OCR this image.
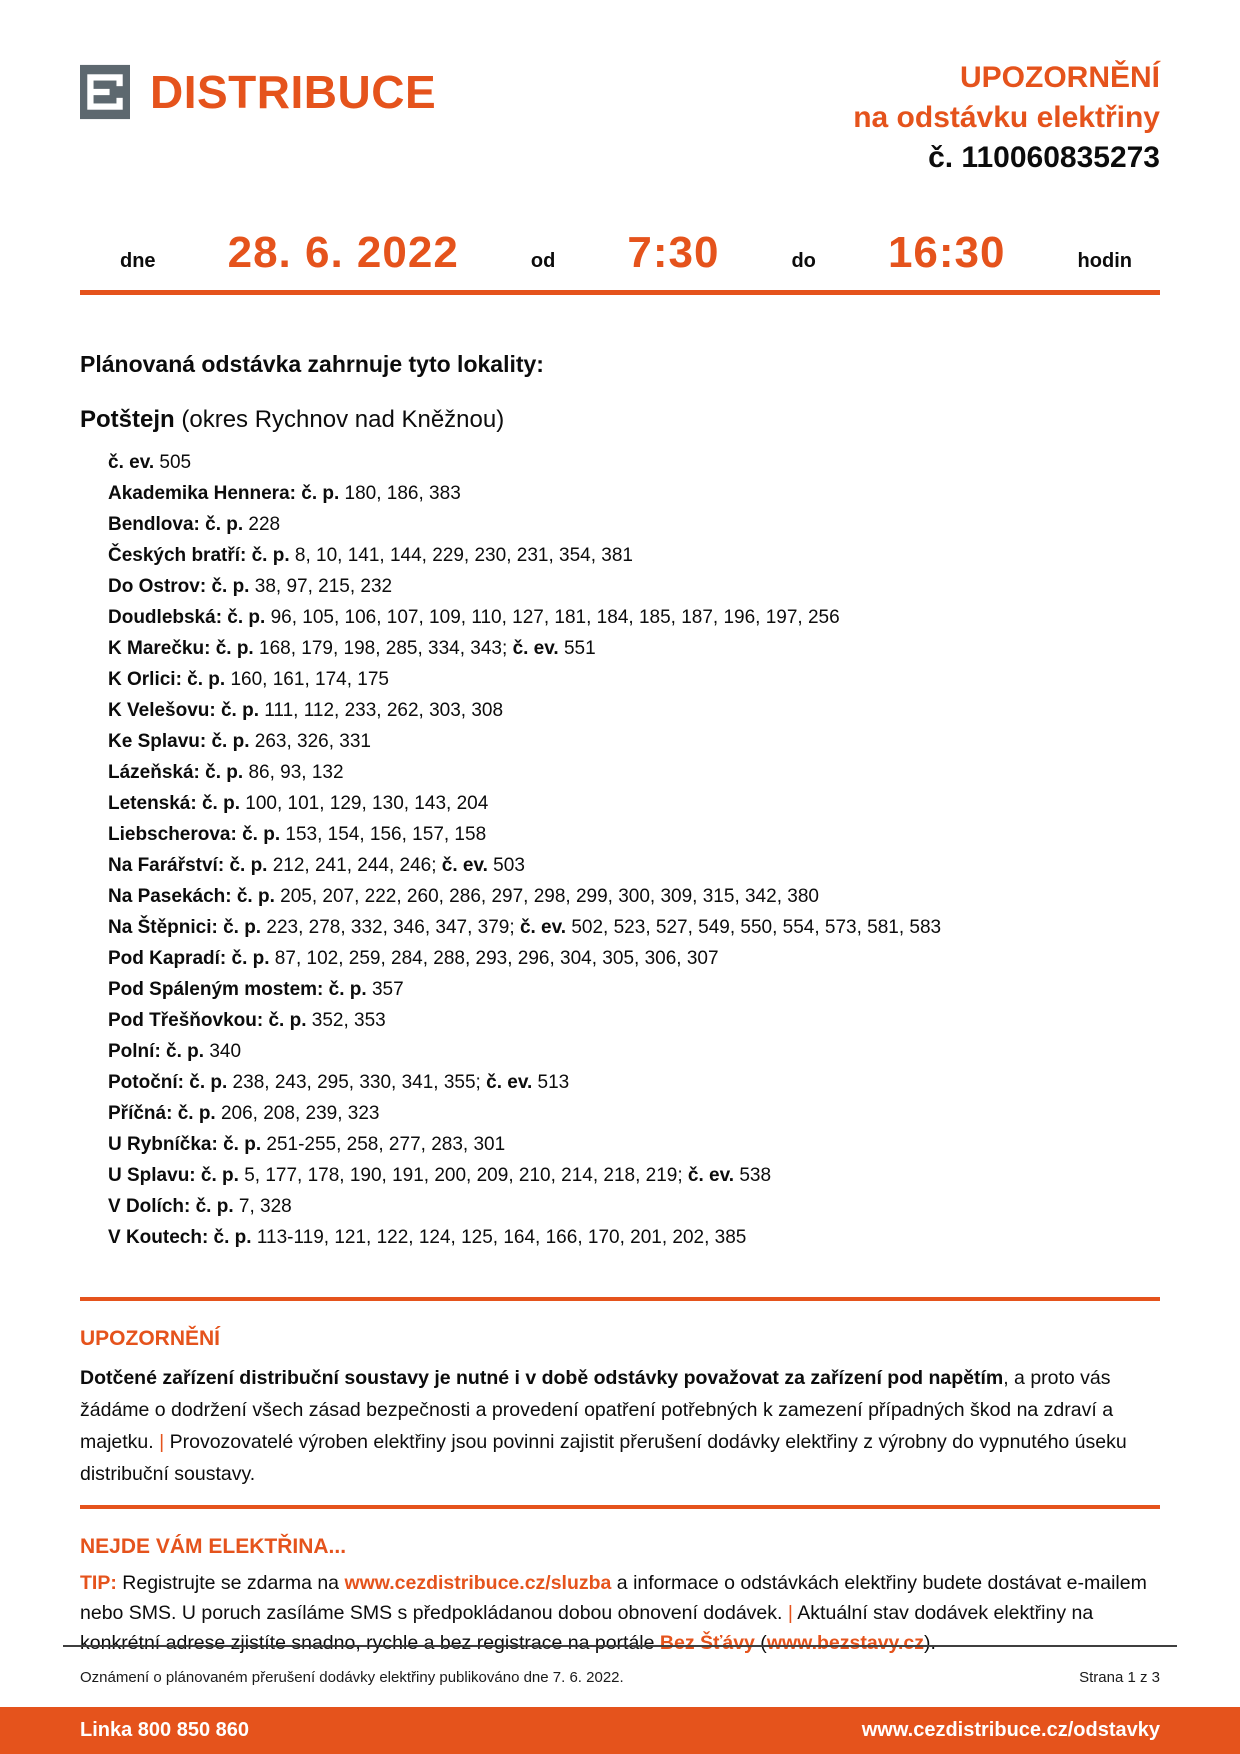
DISTRIBUCE	UPOZORNĚNÍ
na odstávku elektřiny
č. 110060835273
dne 28. 6. 2022	od 7:30	do 16:30	hodin
Plánovaná odstávka zahrnuje tyto lokality:
Potštejn (okres Rychnov nad Kněžnou)
č. ev. 505
Akademika Hennera: č. p. 180, 186, 383
Bendlova: č. p. 228
Českých bratří: č. p. 8, 10, 141, 144, 229, 230, 231, 354, 381
Do Ostrov: č. p. 38, 97, 215, 232
Doudlebská: č. p. 96, 105, 106, 107, 109, 110, 127, 181, 184, 185, 187, 196, 197, 256
K Marečku: č. p. 168, 179, 198, 285, 334, 343; č. ev. 551
K Orlici: č. p. 160, 161, 174, 175
K Velešovu: č. p. 111, 112, 233, 262, 303, 308
Ke Splavu: č. p. 263, 326, 331
Lázeňská: č. p. 86, 93, 132
Letenská: č. p. 100, 101, 129, 130, 143, 204
Liebscherova: č. p. 153, 154, 156, 157, 158
Na Farářství: č. p. 212, 241, 244, 246; č. ev. 503
Na Pasekách: č. p. 205, 207, 222, 260, 286, 297, 298, 299, 300, 309, 315, 342, 380
Na Štěpnici: č. p. 223, 278, 332, 346, 347, 379; č. ev. 502, 523, 527, 549, 550, 554, 573, 581, 583
Pod Kapradí: č. p. 87, 102, 259, 284, 288, 293, 296, 304, 305, 306, 307
Pod Spáleným mostem: č. p. 357
Pod Třešňovkou: č. p. 352, 353
Polní: č. p. 340
Potoční: č. p. 238, 243, 295, 330, 341, 355; č. ev. 513
Příčná: č. p. 206, 208, 239, 323
U Rybníčka: č. p. 251-255, 258, 277, 283, 301
U Splavu: č. p. 5, 177, 178, 190, 191, 200, 209, 210, 214, 218, 219; č. ev. 538
V Dolích: č. p. 7, 328
V Koutech: č. p. 113-119, 121, 122, 124, 125, 164, 166, 170, 201, 202, 385
UPOZORNĚNÍ
Dotčené zařízení distribuční soustavy je nutné i v době odstávky považovat za zařízení pod napětím, a proto vás žádáme o dodržení všech zásad bezpečnosti a provedení opatření potřebných k zamezení případných škod na zdraví a majetku. | Provozovatelé výroben elektřiny jsou povinni zajistit přerušení dodávky elektřiny z výrobny do vypnutého úseku distribuční soustavy.
NEJDE VÁM ELEKTŘINA...
TIP: Registrujte se zdarma na www.cezdistribuce.cz/sluzba a informace o odstávkách elektřiny budete dostávat e-mailem nebo SMS. U poruch zasíláme SMS s předpokládanou dobou obnovení dodávek. | Aktuální stav dodávek elektřiny na konkrétní adrese zjistíte snadno, rychle a bez registrace na portále Bez Šťávy (www.bezstavy.cz).
Oznámení o plánovaném přerušení dodávky elektřiny publikováno dne 7. 6. 2022.	Strana 1 z 3
Linka 800 850 860	www.cezdistribuce.cz/odstavky
